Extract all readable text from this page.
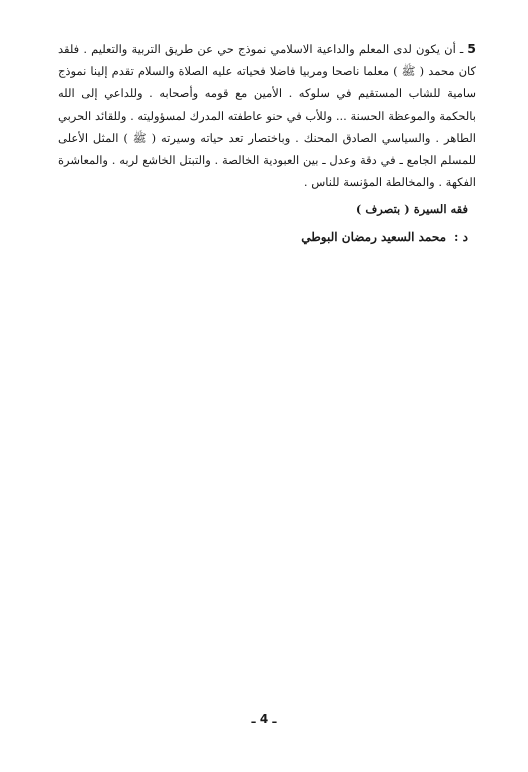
5ـ أن يكون لدى المعلم والداعية الاسلامي نموذج حي عن طريق التربية والتعليم . فلقد كان محمد ( ﷺ ) معلما ناصحا ومربيا فاضلا فحياته عليه الصلاة والسلام تقدم إلينا نموذج سامية للشاب المستقيم في سلوكه . الأمين مع قومه وأصحابه . وللداعي إلى الله بالحكمة والموعظة الحسنة ... وللأب في حنو عاطفته المدرك لمسؤوليته . وللقائد الحربي الطاهر . والسياسي الصادق المحنك . وباختصار تعد حياته وسيرته ( ﷺ ) المثل الأعلى للمسلم الجامع ـ في دقة وعدل ـ بين العبودية الخالصة . والتبتل الخاشع لربه . والمعاشرة الفكهة . والمخالطة المؤنسة للناس .
فقه السيرة ( بتصرف )
د :محمد السعيد رمضان البوطي
ـ 4 ـ
